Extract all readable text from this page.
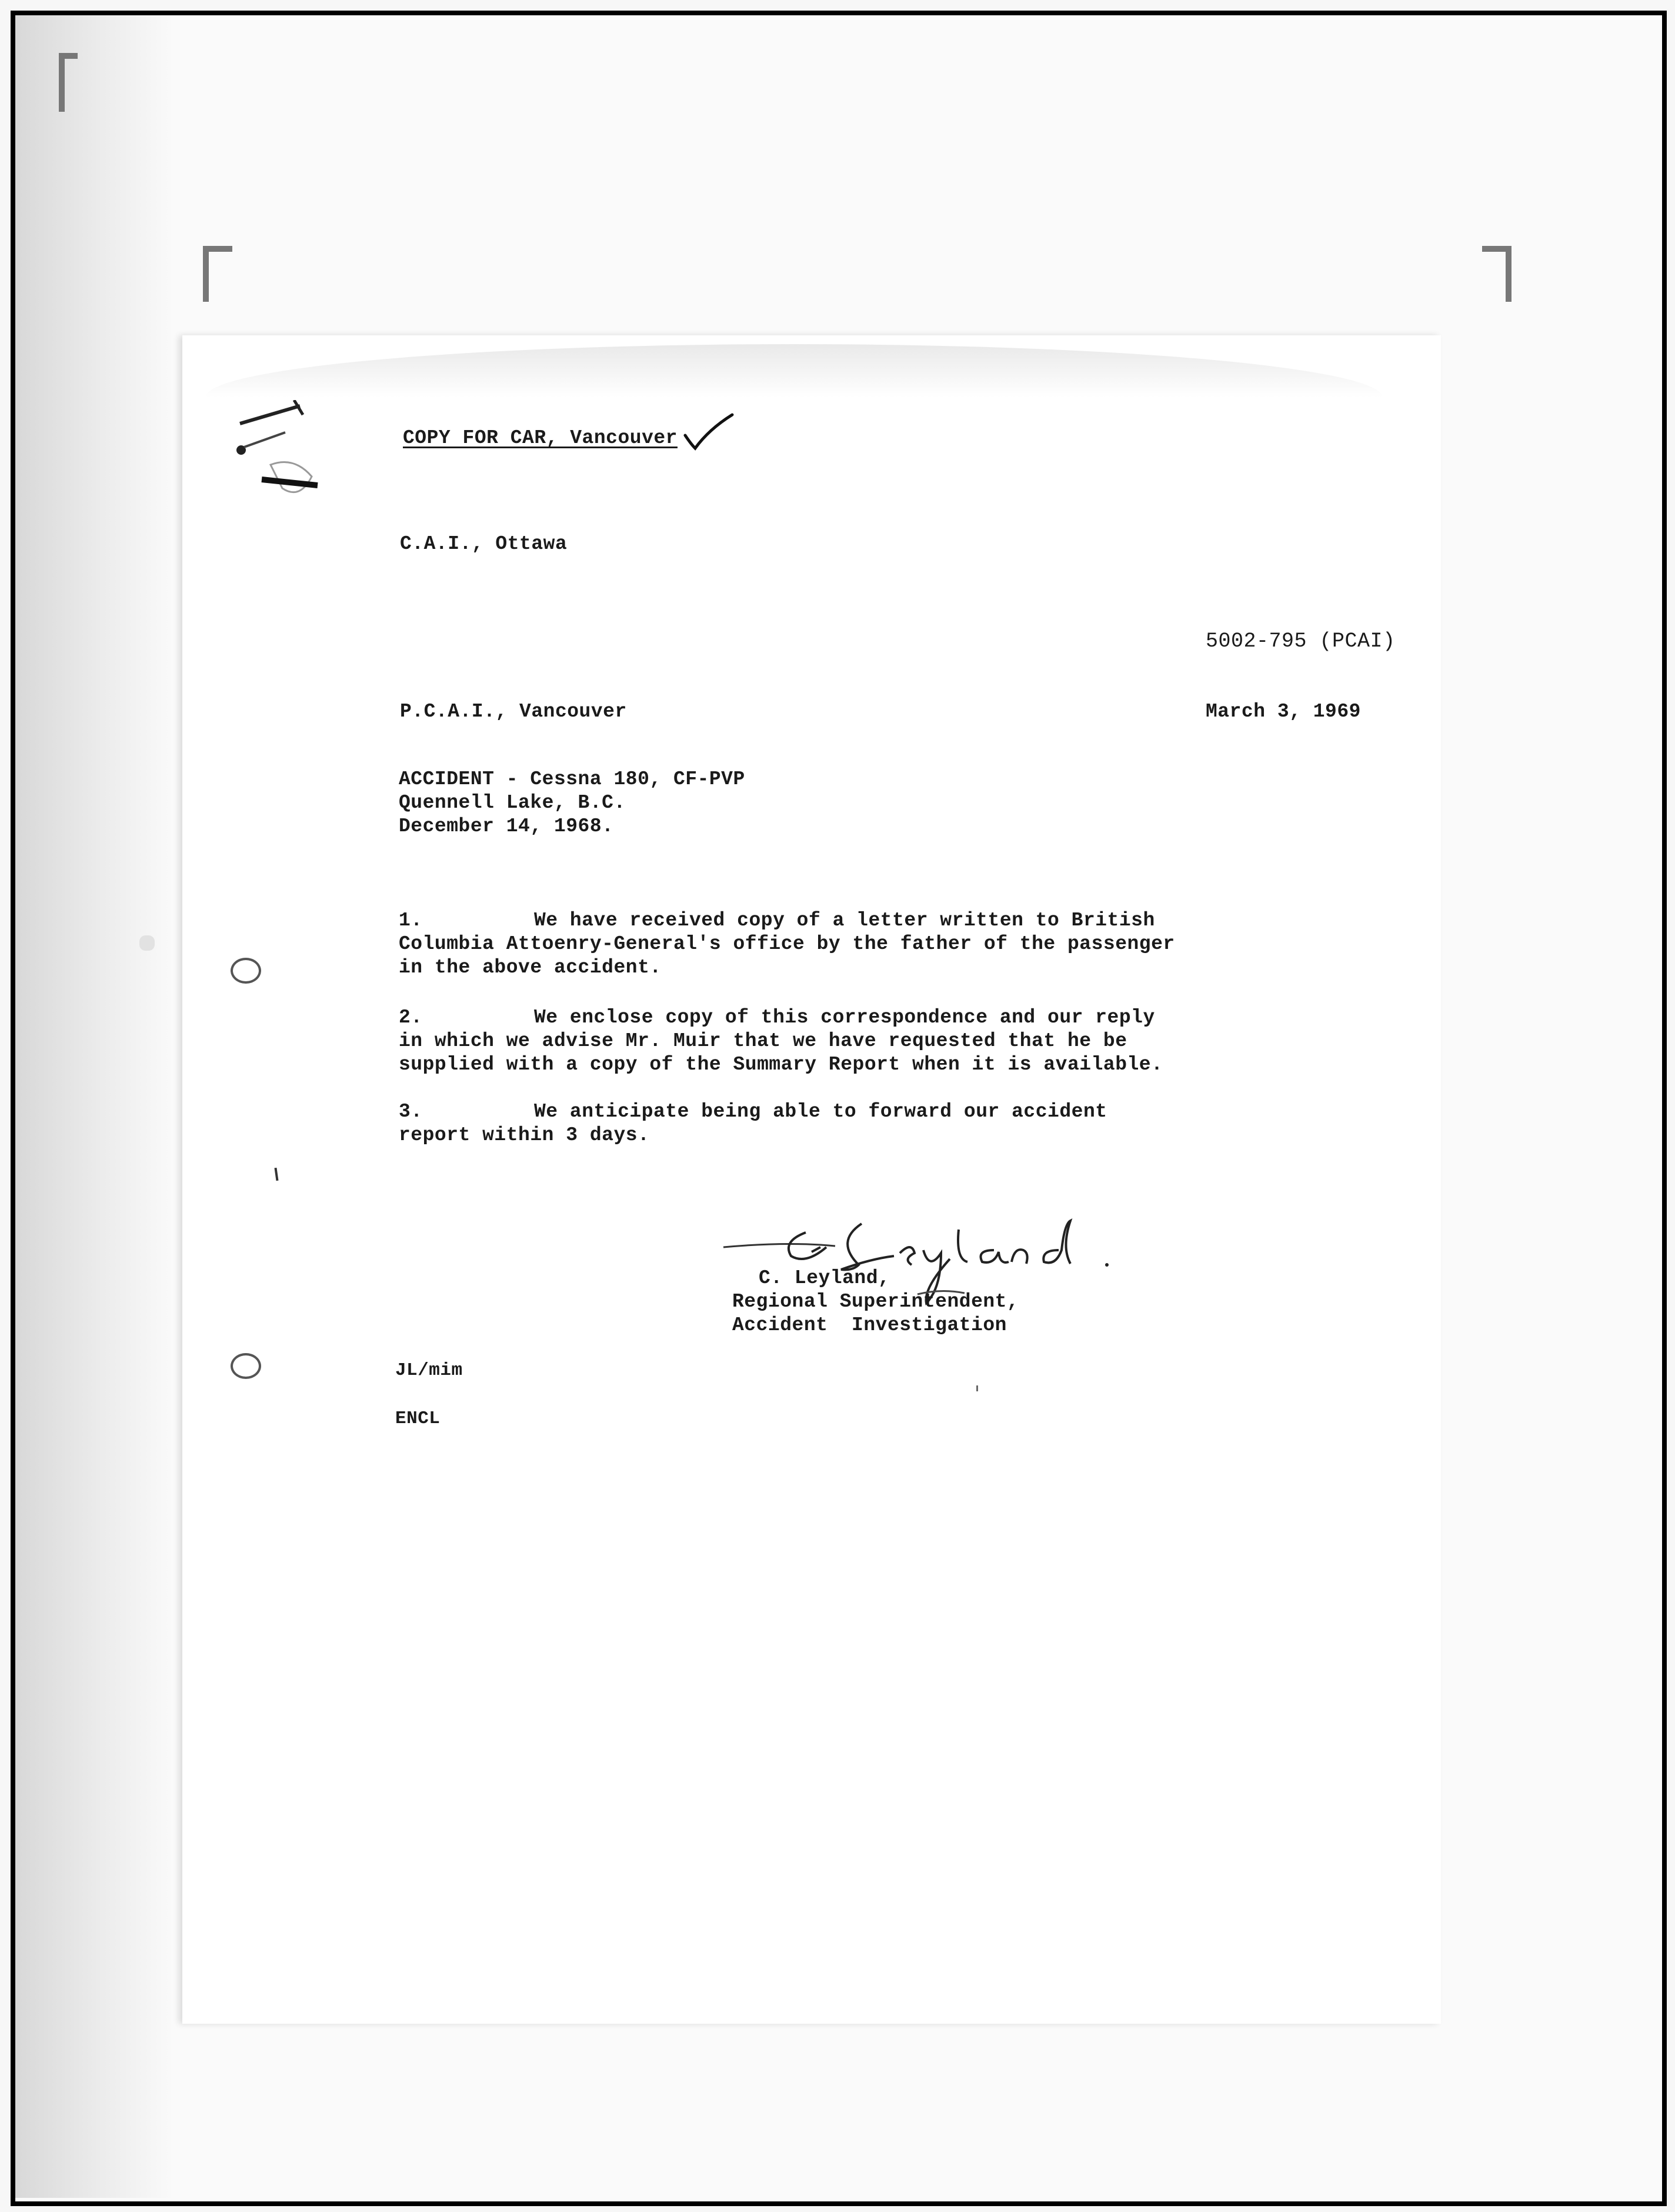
COPY FOR CAR, Vancouver
C.A.I., Ottawa
5002-795 (PCAI)
P.C.A.I., Vancouver	March 3, 1969
ACCIDENT - Cessna 180, CF-PVP
Quennell Lake, B.C.
December 14, 1968.
1.	We have received copy of a letter written to British
Columbia Attoenry-General's office by the father of the passenger
in the above accident.
2.	We enclose copy of this correspondence and our reply
in which we advise Mr. Muir that we have requested that he be
supplied with a copy of the Summary Report when it is available.
3.	We anticipate being able to forward our accident
report within 3 days.
C. Leyland,
Regional Superintendent,
Accident  Investigation
JL/mim
ENCL
